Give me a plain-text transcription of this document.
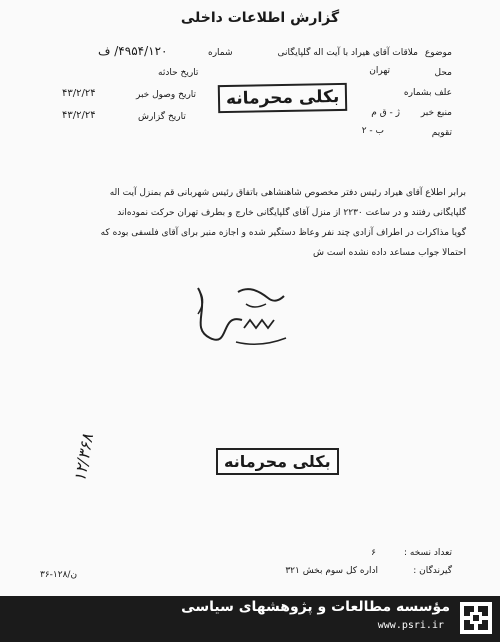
گزارش اطلاعات داخلی
موضوع
ملاقات آقای هیراد با آیت اله گلپایگانی
محل
تهران
علف بشماره
منبع خبر
ژ - ق م
تقویم
ب - ۲
شماره
۴۹۵۴/۱۲۰/ ف
تاریخ حادثه
تاریخ وصول خبر
۴۳/۲/۲۴
تاریخ گزارش
۴۳/۲/۲۴
بکلی محرمانه
برابر اطلاع آقای هیراد رئیس دفتر مخصوص شاهنشاهی باتفاق رئیس شهربانی قم بمنزل آیت اله
گلپایگانی رفتند و در ساعت ۲۲۳۰ از منزل آقای گلپایگانی خارج و بطرف تهران حرکت نموده‌اند
گویا مذاکرات در اطراف آزادی چند نفر وعاظ دستگیر شده و اجازه منبر برای آقای فلسفی بوده که
احتمالا جواب مساعد داده نشده است ش
بکلی محرمانه
۱۲/۳۶۸
تعداد نسخه :
۶
گیرندگان :
اداره کل سوم بخش ۳۲۱
۳۶-۱۲۸/ن
مؤسسه مطالعات و پژوهشهای سیاسی
www.psri.ir
